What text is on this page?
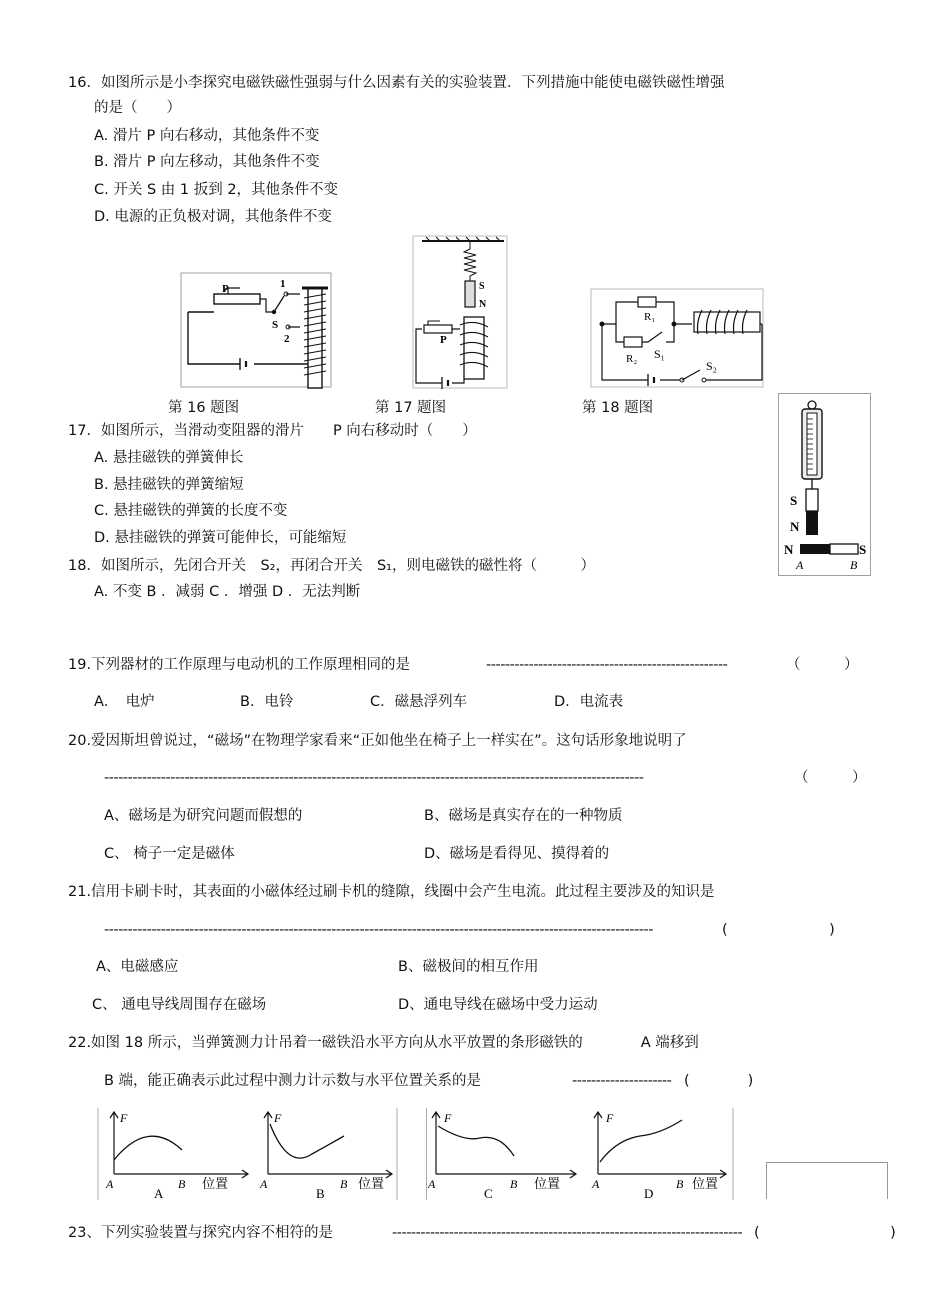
16．如图所示是小李探究电磁铁磁性强弱与什么因素有关的实验装置．下列措施中能使电磁铁磁性增强
的是（　　）
A. 滑片 P 向右移动，其他条件不变
B. 滑片 P 向左移动，其他条件不变
C. 开关 S 由 1 扳到 2，其他条件不变
D. 电源的正负极对调，其他条件不变
P	1
S
2
第 16 题图
S
N
P
第 17 题图
S₂
R₁
R₂ S₁
第 18 题图
S
N
N	S
A	B
17．如图所示，当滑动变阻器的滑片　　P 向右移动时（　　）
A. 悬挂磁铁的弹簧伸长
B. 悬挂磁铁的弹簧缩短
C. 悬挂磁铁的弹簧的长度不变
D. 悬挂磁铁的弹簧可能伸长，可能缩短
18．如图所示，先闭合开关　S₂，再闭合开关　S₁，则电磁铁的磁性将（　　　）
A. 不变 B ．减弱 C ．增强 D ．无法判断
19.下列器材的工作原理与电动机的工作原理相同的是	---------------------------------------------------	（　　　）
A．　电炉	B．电铃	C．磁悬浮列车	D．电流表
20.爱因斯坦曾说过，“磁场”在物理学家看来“正如他坐在椅子上一样实在”。这句话形象地说明了
------------------------------------------------------------------------------------------------------------------	（　　　）
A、磁场是为研究问题而假想的	B、磁场是真实存在的一种物质
C、 椅子一定是磁体	D、磁场是看得见、摸得着的
21.信用卡刷卡时，其表面的小磁体经过刷卡机的缝隙，线圈中会产生电流。此过程主要涉及的知识是
--------------------------------------------------------------------------------------------------------------------	(　　　　　　　)
A、电磁感应	B、磁极间的相互作用
C、 通电导线周围存在磁场	D、通电导线在磁场中受力运动
22.如图 18 所示，当弹簧测力计吊着一磁铁沿水平方向从水平放置的条形磁铁的　　　　A 端移到
B 端，能正确表示此过程中测力计示数与水平位置关系的是	--------------------- (　　　　)
F
A	B 位置
A
F
A	B 位置
B
F
A	B 位置
C
F
A	B 位置
D
23、下列实验装置与探究内容不相符的是	-------------------------------------------------------------------------- (　　　　　　　　　)
